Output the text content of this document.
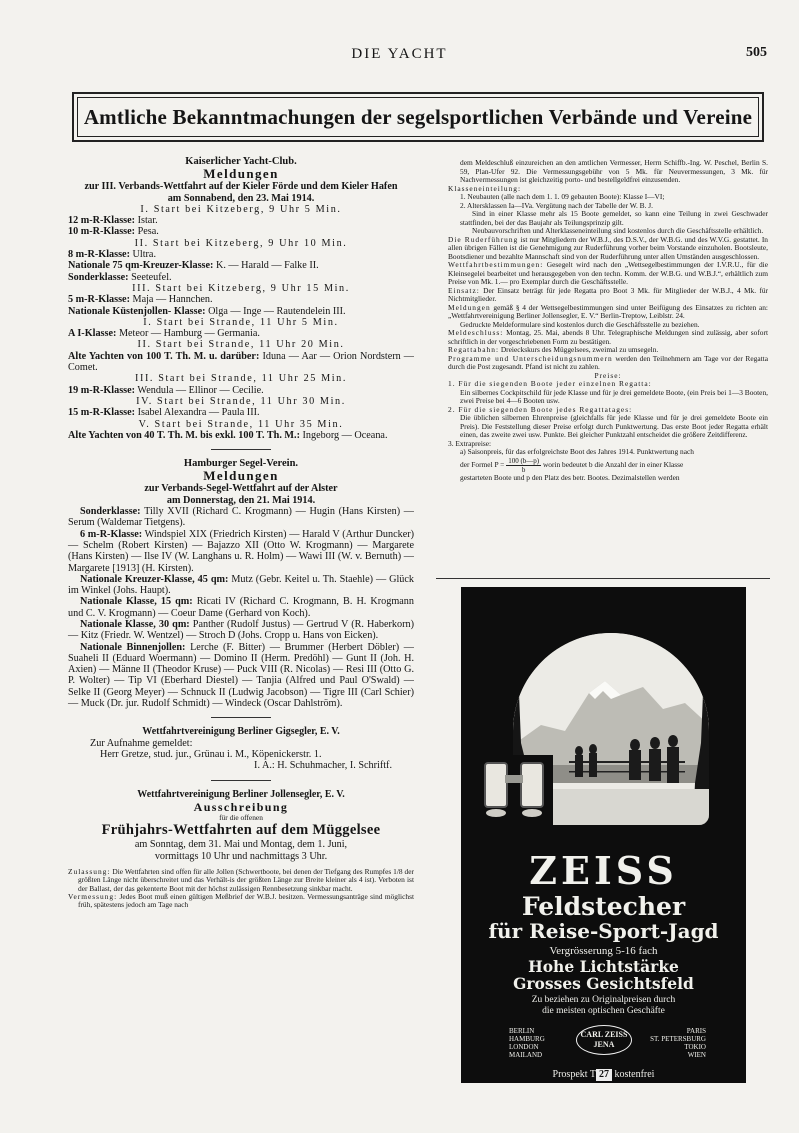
DIE YACHT	505
Amtliche Bekanntmachungen der segelsportlichen Verbände und Vereine
Kaiserlicher Yacht-Club.
Meldungen
zur III. Verbands-Wettfahrt auf der Kieler Förde und dem Kieler Hafen
am Sonnabend, den 23. Mai 1914.
I. Start bei Kitzeberg, 9 Uhr 5 Min.
12 m-R-Klasse: Istar.
10 m-R-Klasse: Pesa.
II. Start bei Kitzeberg, 9 Uhr 10 Min.
8 m-R-Klasse: Ultra.
Nationale 75 qm-Kreuzer-Klasse: K. — Harald — Falke II.
Sonderklasse: Seeteufel.
III. Start bei Kitzeberg, 9 Uhr 15 Min.
5 m-R-Klasse: Maja — Hannchen.
Nationale Küstenjollen- Klasse: Olga — Inge — Rautendelein III.
I. Start bei Strande, 11 Uhr 5 Min.
A I-Klasse: Meteor — Hamburg — Germania.
II. Start bei Strande, 11 Uhr 20 Min.
Alte Yachten von 100 T. Th. M. u. darüber: Iduna — Aar — Orion Nordstern — Comet.
III. Start bei Strande, 11 Uhr 25 Min.
19 m-R-Klasse: Wendula — Ellinor — Cecilie.
IV. Start bei Strande, 11 Uhr 30 Min.
15 m-R-Klasse: Isabel Alexandra — Paula III.
V. Start bei Strande, 11 Uhr 35 Min.
Alte Yachten von 40 T. Th. M. bis exkl. 100 T. Th. M.: Ingeborg — Oceana.
Hamburger Segel-Verein.
Meldungen
zur Verbands-Segel-Wettfahrt auf der Alster
am Donnerstag, den 21. Mai 1914.
Sonderklasse: Tilly XVII (Richard C. Krogmann) — Hugin (Hans Kirsten) — Serum (Waldemar Tietgens).
6 m-R-Klasse: Windspiel XIX (Friedrich Kirsten) — Harald V (Arthur Duncker) — Schelm (Robert Kirsten) — Bajazzo XII (Otto W. Krogmann) — Margarete (Hans Kirsten) — Ilse IV (W. Langhans u. R. Holm) — Wawi III (W. v. Bernuth) — Margarete [1913] (H. Kirsten).
Nationale Kreuzer-Klasse, 45 qm: Mutz (Gebr. Keitel u. Th. Staehle) — Glück im Winkel (Johs. Haupt).
Nationale Klasse, 15 qm: Ricati IV (Richard C. Krogmann, B. H. Krogmann und C. V. Krogmann) — Coeur Dame (Gerhard von Koch).
Nationale Klasse, 30 qm: Panther (Rudolf Justus) — Gertrud V (R. Haberkorn) — Kitz (Friedr. W. Wentzel) — Stroch D (Johs. Cropp u. Hans von Eicken).
Nationale Binnenjollen: Lerche (F. Bitter) — Brummer (Herbert Döbler) — Suaheli II (Eduard Woermann) — Domino II (Herm. Predöhl) — Gunt II (Joh. H. Axien) — Männe II (Theodor Kruse) — Puck VIII (R. Nicolas) — Resi III (Otto G. P. Wolter) — Tip VI (Eberhard Diestel) — Tanjia (Alfred und Paul O'Swald) — Selke II (Georg Meyer) — Schnuck II (Ludwig Jacobson) — Tigre III (Carl Schier) — Muck (Dr. jur. Rudolf Schmidt) — Windeck (Oscar Dahlström).
Wettfahrtvereinigung Berliner Gigsegler, E. V.
Zur Aufnahme gemeldet:
Herr Gretze, stud. jur., Grünau i. M., Köpenickerstr. 1.
I. A.: H. Schuhmacher, I. Schriftf.
Wettfahrtvereinigung Berliner Jollensegler, E. V.
Ausschreibung
für die offenen
Frühjahrs-Wettfahrten auf dem Müggelsee
am Sonntag, dem 31. Mai und Montag, dem 1. Juni,
vormittags 10 Uhr und nachmittags 3 Uhr.
Zulassung: Die Wettfahrten sind offen für alle Jollen (Schwertboote, bei denen der Tiefgang des Rumpfes 1/8 der größten Länge nicht überschreitet und das Verhält-is der größten Länge zur Breite kleiner als 4 ist). Verboten ist der Ballast, der das gekenterte Boot mit der höchst zulässigen Rennbesetzung sinkbar macht.
Vermessung: Jedes Boot muß einen gültigen Meßbrief der W.B.J. besitzen. Vermessungsanträge sind möglichst früh, spätestens jedoch am Tage nach
dem Meldeschluß einzureichen an den amtlichen Vermesser, Herrn Schiffb.-Ing. W. Peschel, Berlin S. 59, Plan-Ufer 92. Die Vermessungsgebühr von 5 Mk. für Neuvermessungen, 3 Mk. für Nachvermessungen ist gleichzeitig porto- und bestellgeldfrei einzusenden.
Klasseneinteilung:
1. Neubauten (alle nach dem 1. 1. 09 gebauten Boote): Klasse I—VI;
2. Altersklassen Ia—IVa. Vergütung nach der Tabelle der W. B. J.
Sind in einer Klasse mehr als 15 Boote gemeldet, so kann eine Teilung in zwei Geschwader stattfinden, bei der das Baujahr als Teilungsprinzip gilt.
Neubauvorschriften und Alterklasseneinteilung sind kostenlos durch die Geschäftsstelle erhältlich.
Die Ruderführung ist nur Mitgliedern der W.B.J., des D.S.V., der W.B.G. und des W.V.G. gestattet. In allen übrigen Fällen ist die Genehmigung zur Ruderführung vorher beim Vorstande einzuholen. Bootsleute, Bootsdiener und bezahlte Mannschaft sind von der Ruderführung unter allen Umständen ausgeschlossen.
Wettfahrtbestimmungen: Gesegelt wird nach den „Wettsegelbestimmungen der I.V.R.U., für die Kleinsegelei bearbeitet und herausgegeben von den techn. Komm. der W.B.G. und W.B.J.“, erhältlich zum Preise von Mk. 1.— pro Exemplar durch die Geschäftsstelle.
Einsatz: Der Einsatz beträgt für jede Regatta pro Boot 3 Mk. für Mitglieder der W.B.J., 4 Mk. für Nichtmitglieder.
Meldungen gemäß § 4 der Wettsegelbestimmungen sind unter Beifügung des Einsatzes zu richten an: „Wettfahrtvereinigung Berliner Jollensegler, E. V.“ Berlin-Treptow, Leiblstr. 24.
Gedruckte Meldeformulare sind kostenlos durch die Geschäftsstelle zu beziehen.
Meldeschluss: Montag, 25. Mai, abends 8 Uhr. Telegraphische Meldungen sind zulässig, aber sofort schriftlich in der vorgeschriebenen Form zu bestätigen.
Regattabahn: Dreieckskurs des Müggelsees, zweimal zu umsegeln.
Programme und Unterscheidungsnummern werden den Teilnehmern am Tage vor der Regatta durch die Post zugesandt. Pfand ist nicht zu zahlen.
Preise:
1. Für die siegenden Boote jeder einzelnen Regatta:
Ein silbernes Cockpitschild für jede Klasse und für je drei gemeldete Boote, (ein Preis bei 1—3 Booten, zwei Preise bei 4—6 Booten usw.
2. Für die siegenden Boote jedes Regattatages:
Die üblichen silbernen Ehrenpreise (gleichfalls für jede Klasse und für je drei gemeldete Boote ein Preis). Die Feststellung dieser Preise erfolgt durch Punktwertung. Das erste Boot jeder Regatta erhält einen, das zweite zwei usw. Punkte. Bei gleicher Punktzahl entscheidet die größere Zeitdifferenz.
3. Extrapreise:
a) Saisonpreis, für das erfolgreichste Boot des Jahres 1914. Punktwertung nach
der Formel $P = \frac{100 (b—p)}{b}$ worin bedeutet b die Anzahl der in einer Klasse
gestarteten Boote und p den Platz des betr. Bootes. Dezimalstellen werden
ZEISS
Feldstecher
für Reise-Sport-Jagd
Vergrösserung 5-16 fach
Hohe Lichtstärke
Grosses Gesichtsfeld
Zu beziehen zu Originalpreisen durch
die meisten optischen Geschäfte
BERLIN
HAMBURG
LONDON
MAILAND
CARL ZEISS
JENA
PARIS
ST. PETERSBURG
TOKIO
WIEN
Prospekt T 27 kostenfrei
